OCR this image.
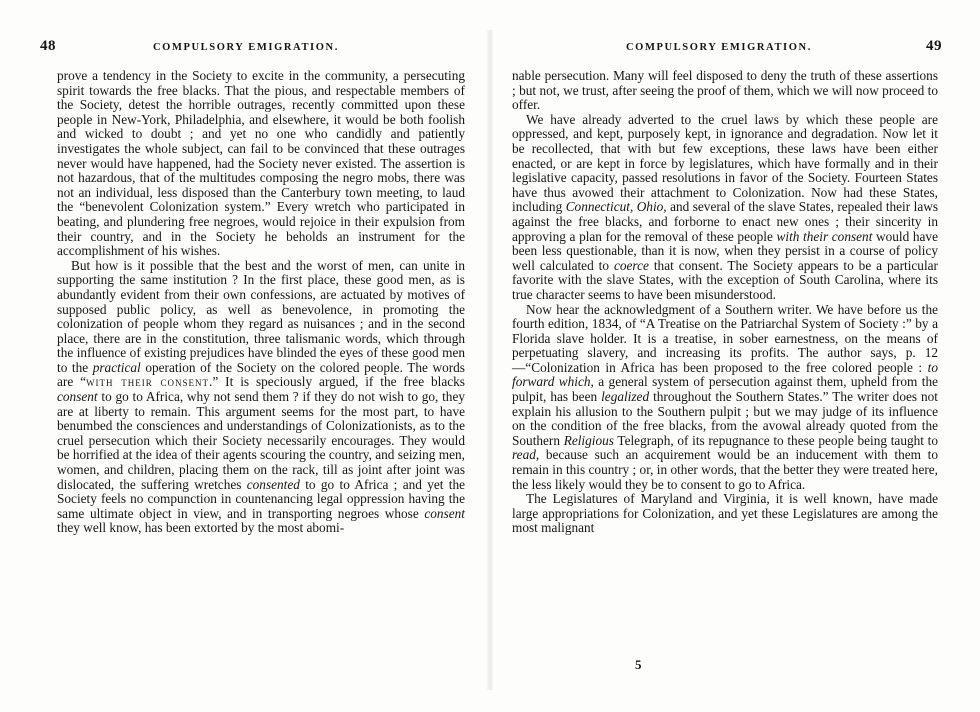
48	COMPULSORY EMIGRATION.

prove a tendency in the Society to excite in the community, a persecuting spirit towards the free blacks. That the pious, and respectable members of the Society, detest the horrible outrages, recently committed upon these people in New-York, Philadelphia, and elsewhere, it would be both foolish and wicked to doubt ; and yet no one who candidly and patiently investigates the whole subject, can fail to be convinced that these outrages never would have happened, had the Society never existed. The assertion is not hazardous, that of the multitudes composing the negro mobs, there was not an individual, less disposed than the Canterbury town meeting, to laud the “benevolent Colonization system.” Every wretch who participated in beating, and plundering free negroes, would rejoice in their expulsion from their country, and in the Society he beholds an instrument for the accomplishment of his wishes.

But how is it possible that the best and the worst of men, can unite in supporting the same institution ? In the first place, these good men, as is abundantly evident from their own confessions, are actuated by motives of supposed public policy, as well as benevolence, in promoting the colonization of people whom they regard as nuisances ; and in the second place, there are in the constitution, three talismanic words, which through the influence of existing prejudices have blinded the eyes of these good men to the practical operation of the Society on the colored people. The words are “with their consent.” It is speciously argued, if the free blacks consent to go to Africa, why not send them ? if they do not wish to go, they are at liberty to remain. This argument seems for the most part, to have benumbed the consciences and understandings of Colonizationists, as to the cruel persecution which their Society necessarily encourages. They would be horrified at the idea of their agents scouring the country, and seizing men, women, and children, placing them on the rack, till as joint after joint was dislocated, the suffering wretches consented to go to Africa ; and yet the Society feels no compunction in countenancing legal oppression having the same ultimate object in view, and in transporting negroes whose consent they well know, has been extorted by the most abomi-

COMPULSORY EMIGRATION.	49

nable persecution. Many will feel disposed to deny the truth of these assertions ; but not, we trust, after seeing the proof of them, which we will now proceed to offer.

We have already adverted to the cruel laws by which these people are oppressed, and kept, purposely kept, in ignorance and degradation. Now let it be recollected, that with but few exceptions, these laws have been either enacted, or are kept in force by legislatures, which have formally and in their legislative capacity, passed resolutions in favor of the Society. Fourteen States have thus avowed their attachment to Colonization. Now had these States, including Connecticut, Ohio, and several of the slave States, repealed their laws against the free blacks, and forborne to enact new ones ; their sincerity in approving a plan for the removal of these people with their consent would have been less questionable, than it is now, when they persist in a course of policy well calculated to coerce that consent. The Society appears to be a particular favorite with the slave States, with the exception of South Carolina, where its true character seems to have been misunderstood.

Now hear the acknowledgment of a Southern writer. We have before us the fourth edition, 1834, of “A Treatise on the Patriarchal System of Society :” by a Florida slave holder. It is a treatise, in sober earnestness, on the means of perpetuating slavery, and increasing its profits. The author says, p. 12—“Colonization in Africa has been proposed to the free colored people : to forward which, a general system of persecution against them, upheld from the pulpit, has been legalized throughout the Southern States.” The writer does not explain his allusion to the Southern pulpit ; but we may judge of its influence on the condition of the free blacks, from the avowal already quoted from the Southern Religious Telegraph, of its repugnance to these people being taught to read, because such an acquirement would be an inducement with them to remain in this country ; or, in other words, that the better they were treated here, the less likely would they be to consent to go to Africa.

The Legislatures of Maryland and Virginia, it is well known, have made large appropriations for Colonization, and yet these Legislatures are among the most malignant

5
